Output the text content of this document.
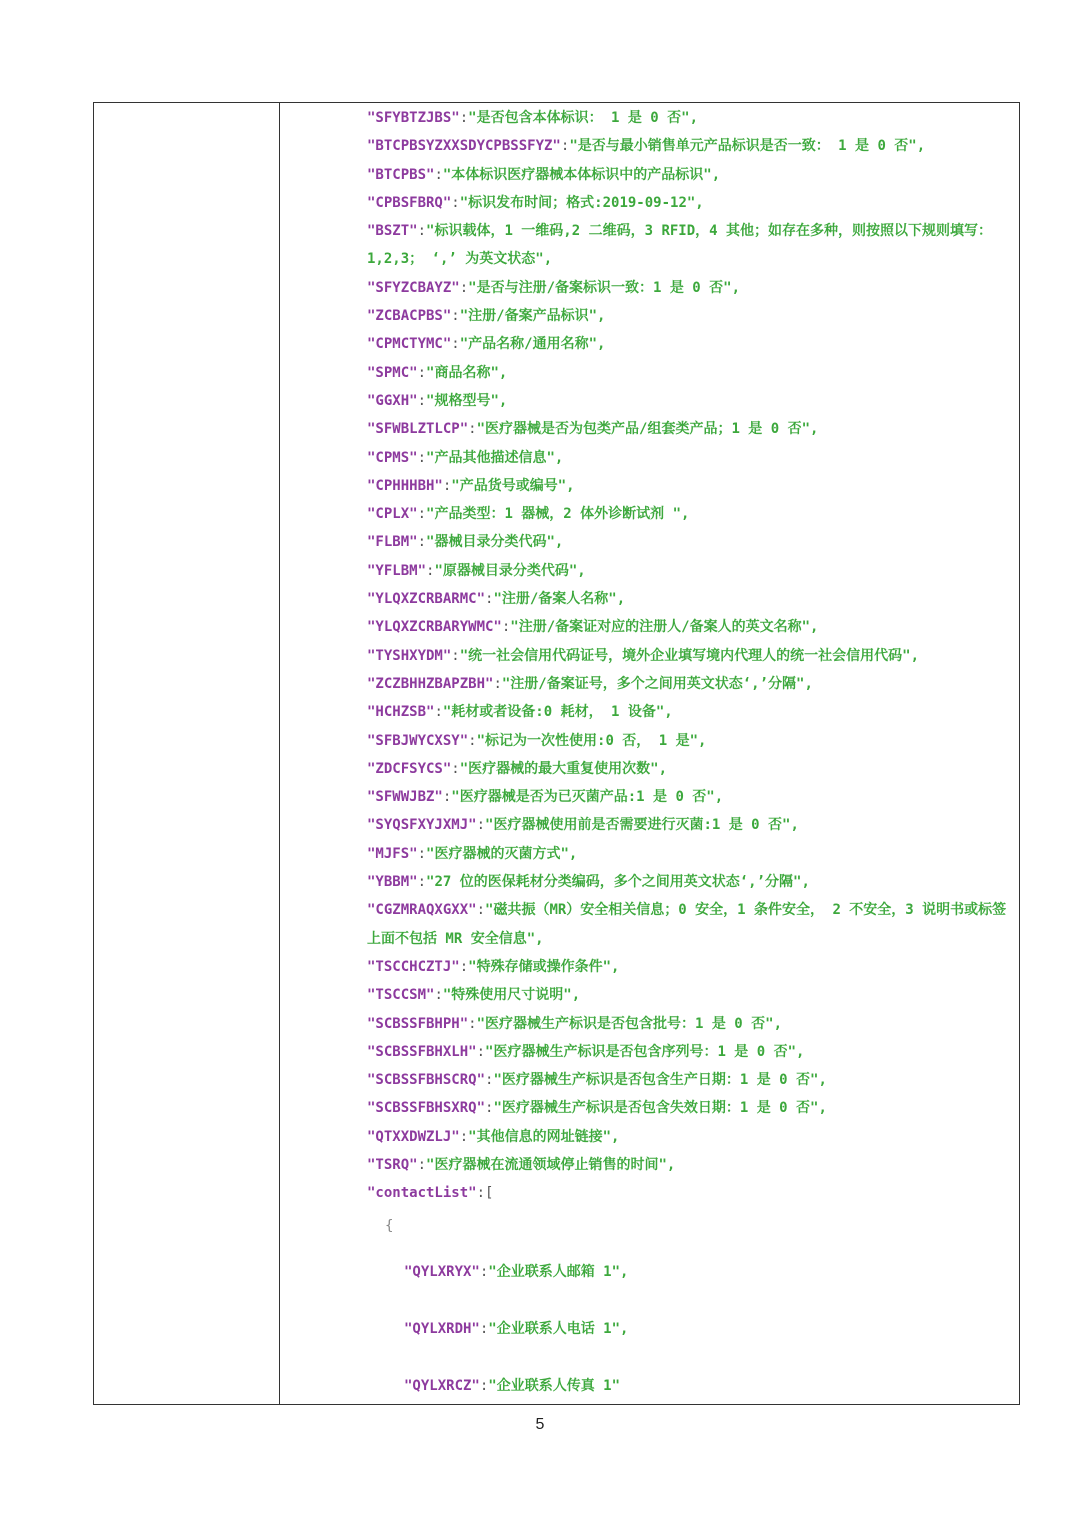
"SFYBTZJBS":"是否包含本体标识： 1 是 0 否",
"BTCPBSYZXXSDYCPBSSFYZ":"是否与最小销售单元产品标识是否一致： 1 是 0 否",
"BTCPBS":"本体标识医疗器械本体标识中的产品标识",
"CPBSFBRQ":"标识发布时间；格式:2019-09-12",
"BSZT":"标识载体，1 一维码,2 二维码，3 RFID，4 其他；如存在多种，则按照以下规则填写：1,2,3； ‘,’ 为英文状态",
"SFYZCBAYZ":"是否与注册/备案标识一致：1 是 0 否",
"ZCBACPBS":"注册/备案产品标识",
"CPMCTYMC":"产品名称/通用名称",
"SPMC":"商品名称",
"GGXH":"规格型号",
"SFWBLZTLCP":"医疗器械是否为包类产品/组套类产品；1 是 0 否",
"CPMS":"产品其他描述信息",
"CPHHHBH":"产品货号或编号",
"CPLX":"产品类型：1 器械，2 体外诊断试剂 ",
"FLBM":"器械目录分类代码",
"YFLBM":"原器械目录分类代码",
"YLQXZCRBARMC":"注册/备案人名称",
"YLQXZCRBARYWMC":"注册/备案证对应的注册人/备案人的英文名称",
"TYSHXYDM":"统一社会信用代码证号，境外企业填写境内代理人的统一社会信用代码",
"ZCZBHHZBAPZBH":"注册/备案证号，多个之间用英文状态‘,’分隔",
"HCHZSB":"耗材或者设备:0 耗材， 1 设备",
"SFBJWYCXSY":"标记为一次性使用:0 否， 1 是",
"ZDCFSYCS":"医疗器械的最大重复使用次数",
"SFWWJBZ":"医疗器械是否为已灭菌产品:1 是 0 否",
"SYQSFXYJXMJ":"医疗器械使用前是否需要进行灭菌:1 是 0 否",
"MJFS":"医疗器械的灭菌方式",
"YBBM":"27 位的医保耗材分类编码，多个之间用英文状态‘,’分隔",
"CGZMRAQXGXX":"磁共振（MR）安全相关信息；0 安全，1 条件安全， 2 不安全，3 说明书或标签上面不包括 MR 安全信息",
"TSCCHCZTJ":"特殊存储或操作条件",
"TSCCSM":"特殊使用尺寸说明",
"SCBSSFBHPH":"医疗器械生产标识是否包含批号：1 是 0 否",
"SCBSSFBHXLH":"医疗器械生产标识是否包含序列号：1 是 0 否",
"SCBSSFBHSCRQ":"医疗器械生产标识是否包含生产日期：1 是 0 否",
"SCBSSFBHSXRQ":"医疗器械生产标识是否包含失效日期：1 是 0 否",
"QTXXDWZLJ":"其他信息的网址链接",
"TSRQ":"医疗器械在流通领域停止销售的时间",
"contactList":[
{
"QYLXRYX":"企业联系人邮箱 1",
"QYLXRDH":"企业联系人电话 1",
"QYLXRCZ":"企业联系人传真 1"
5
